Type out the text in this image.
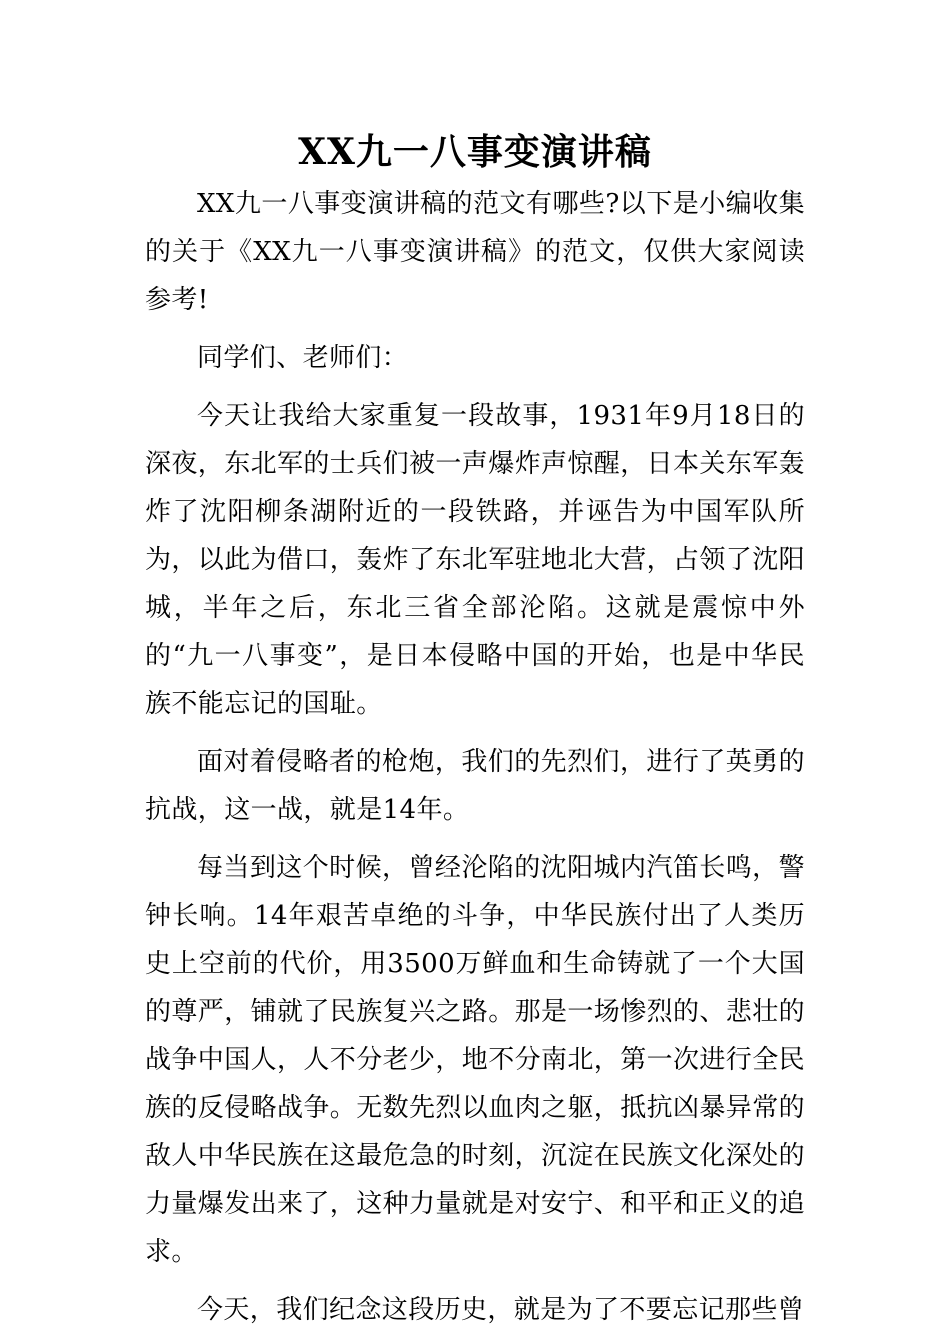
XX九一八事变演讲稿

XX九一八事变演讲稿的范文有哪些?以下是小编收集的关于《XX九一八事变演讲稿》的范文，仅供大家阅读参考!

同学们、老师们：

今天让我给大家重复一段故事，1931年9月18日的深夜，东北军的士兵们被一声爆炸声惊醒，日本关东军轰炸了沈阳柳条湖附近的一段铁路，并诬告为中国军队所为，以此为借口，轰炸了东北军驻地北大营，占领了沈阳城，半年之后，东北三省全部沦陷。这就是震惊中外的“九一八事变”，是日本侵略中国的开始，也是中华民族不能忘记的国耻。

面对着侵略者的枪炮，我们的先烈们，进行了英勇的抗战，这一战，就是14年。

每当到这个时候，曾经沦陷的沈阳城内汽笛长鸣，警钟长响。14年艰苦卓绝的斗争，中华民族付出了人类历史上空前的代价，用3500万鲜血和生命铸就了一个大国的尊严，铺就了民族复兴之路。那是一场惨烈的、悲壮的战争中国人，人不分老少，地不分南北，第一次进行全民族的反侵略战争。无数先烈以血肉之躯，抵抗凶暴异常的敌人中华民族在这最危急的时刻，沉淀在民族文化深处的力量爆发出来了，这种力量就是对安宁、和平和正义的追求。

今天，我们纪念这段历史，就是为了不要忘记那些曾
